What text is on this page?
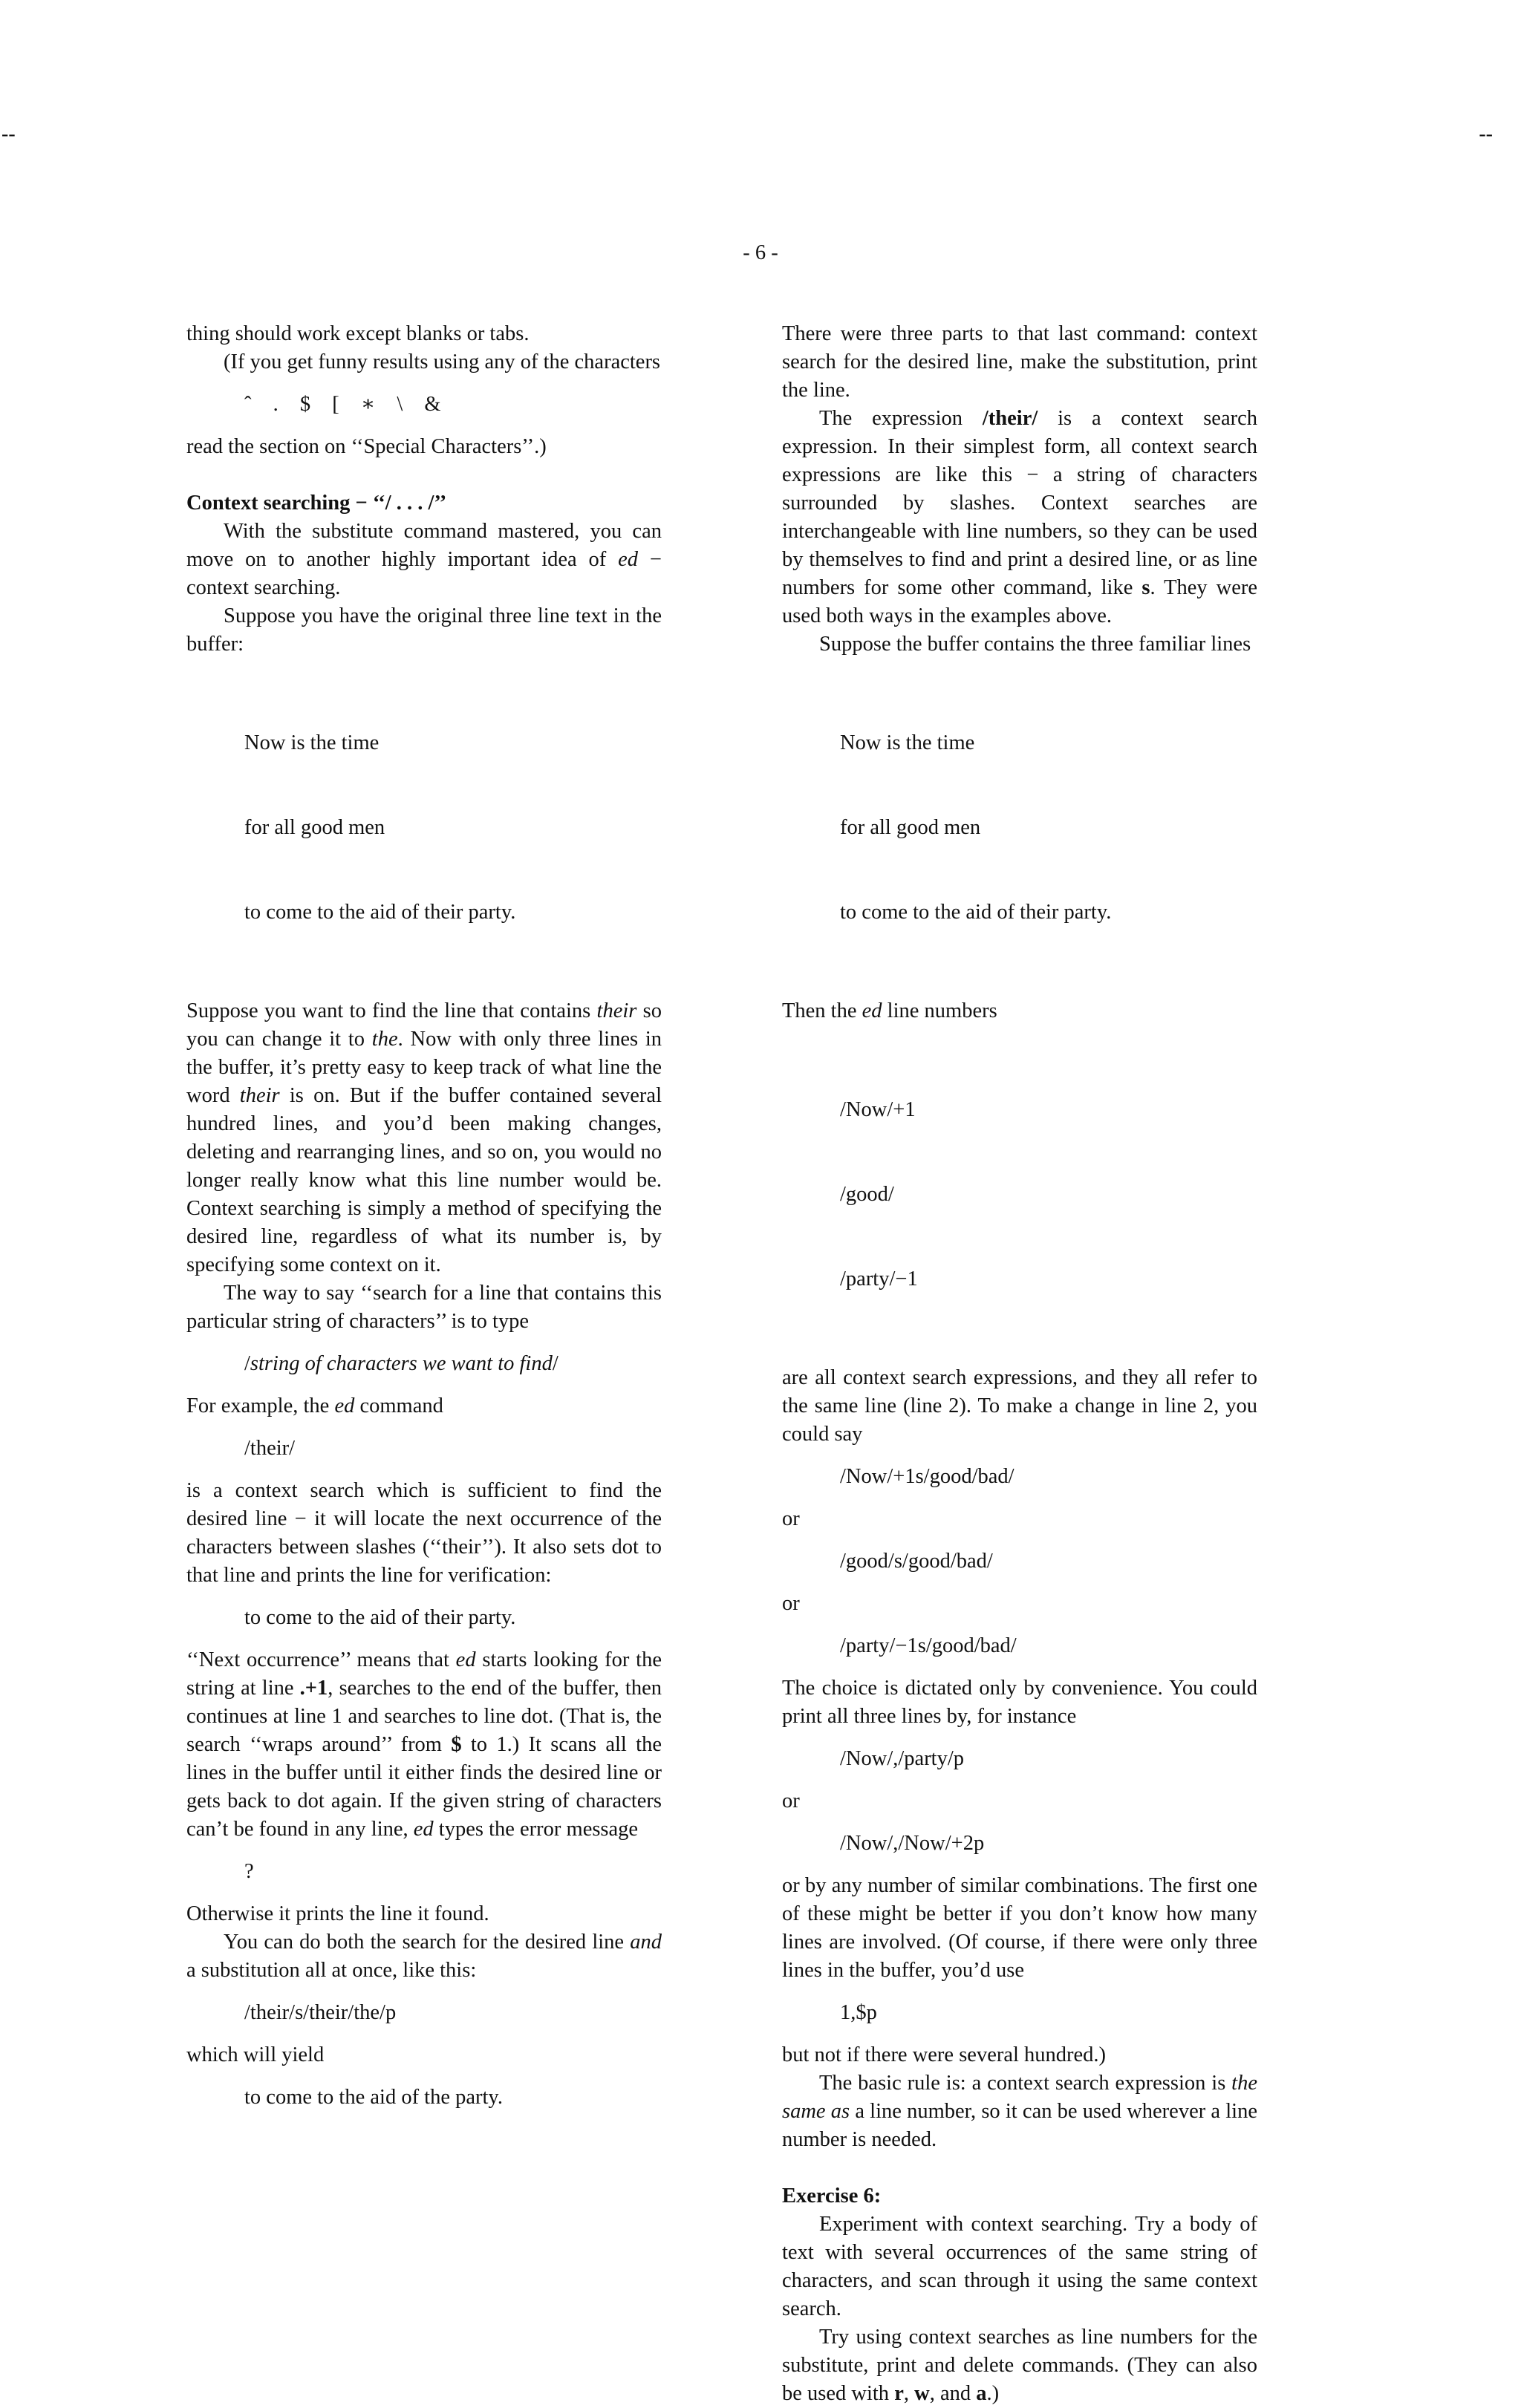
--	--
- 6 -

thing should work except blanks or tabs.

(If you get funny results using any of the characters

ˆ . $ [ ∗ \ &

read the section on ‘‘Special Characters’’.)

Context searching − ‘‘/ . . . /’’

With the substitute command mastered, you can move on to another highly important idea of ed − context searching.

Suppose you have the original three line text in the buffer:

Now is the time

for all good men

to come to the aid of their party.

Suppose you want to find the line that contains their so you can change it to the. Now with only three lines in the buffer, it’s pretty easy to keep track of what line the word their is on. But if the buffer contained several hundred lines, and you’d been making changes, deleting and rearranging lines, and so on, you would no longer really know what this line number would be. Context searching is simply a method of specifying the desired line, regardless of what its number is, by specifying some context on it.

The way to say ‘‘search for a line that contains this particular string of characters’’ is to type

/string of characters we want to find/

For example, the ed command

/their/

is a context search which is sufficient to find the desired line − it will locate the next occurrence of the characters between slashes (‘‘their’’). It also sets dot to that line and prints the line for verification:

to come to the aid of their party.

‘‘Next occurrence’’ means that ed starts looking for the string at line .+1, searches to the end of the buffer, then continues at line 1 and searches to line dot. (That is, the search ‘‘wraps around’’ from $ to 1.) It scans all the lines in the buffer until it either finds the desired line or gets back to dot again. If the given string of characters can’t be found in any line, ed types the error message

?

Otherwise it prints the line it found.

You can do both the search for the desired line and a substitution all at once, like this:

/their/s/their/the/p

which will yield

to come to the aid of the party.

There were three parts to that last command: context search for the desired line, make the substitution, print the line.

The expression /their/ is a context search expression. In their simplest form, all context search expressions are like this − a string of characters surrounded by slashes. Context searches are interchangeable with line numbers, so they can be used by themselves to find and print a desired line, or as line numbers for some other command, like s. They were used both ways in the examples above.

Suppose the buffer contains the three familiar lines

Now is the time

for all good men

to come to the aid of their party.

Then the ed line numbers

/Now/+1

/good/

/party/−1

are all context search expressions, and they all refer to the same line (line 2). To make a change in line 2, you could say

/Now/+1s/good/bad/

or

/good/s/good/bad/

or

/party/−1s/good/bad/

The choice is dictated only by convenience. You could print all three lines by, for instance

/Now/,/party/p

or

/Now/,/Now/+2p

or by any number of similar combinations. The first one of these might be better if you don’t know how many lines are involved. (Of course, if there were only three lines in the buffer, you’d use

1,$p

but not if there were several hundred.)

The basic rule is: a context search expression is the same as a line number, so it can be used wherever a line number is needed.

Exercise 6:

Experiment with context searching. Try a body of text with several occurrences of the same string of characters, and scan through it using the same context search.

Try using context searches as line numbers for the substitute, print and delete commands. (They can also be used with r, w, and a.)
